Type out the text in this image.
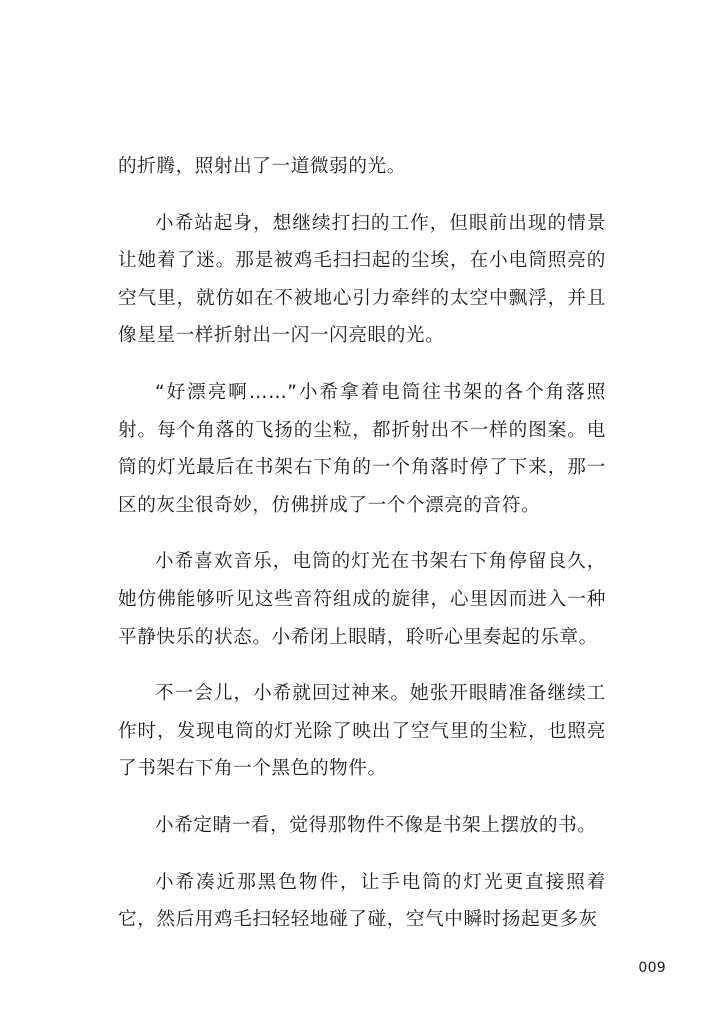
的折腾，照射出了一道微弱的光。

小希站起身，想继续打扫的工作，但眼前出现的情景让她着了迷。那是被鸡毛扫扫起的尘埃，在小电筒照亮的空气里，就仿如在不被地心引力牵绊的太空中飘浮，并且像星星一样折射出一闪一闪亮眼的光。

“好漂亮啊……”小希拿着电筒往书架的各个角落照射。每个角落的飞扬的尘粒，都折射出不一样的图案。电筒的灯光最后在书架右下角的一个角落时停了下来，那一区的灰尘很奇妙，仿佛拼成了一个个漂亮的音符。

小希喜欢音乐，电筒的灯光在书架右下角停留良久，她仿佛能够听见这些音符组成的旋律，心里因而进入一种平静快乐的状态。小希闭上眼睛，聆听心里奏起的乐章。

不一会儿，小希就回过神来。她张开眼睛准备继续工作时，发现电筒的灯光除了映出了空气里的尘粒，也照亮了书架右下角一个黑色的物件。

小希定睛一看，觉得那物件不像是书架上摆放的书。

小希凑近那黑色物件，让手电筒的灯光更直接照着它，然后用鸡毛扫轻轻地碰了碰，空气中瞬时扬起更多灰

009
